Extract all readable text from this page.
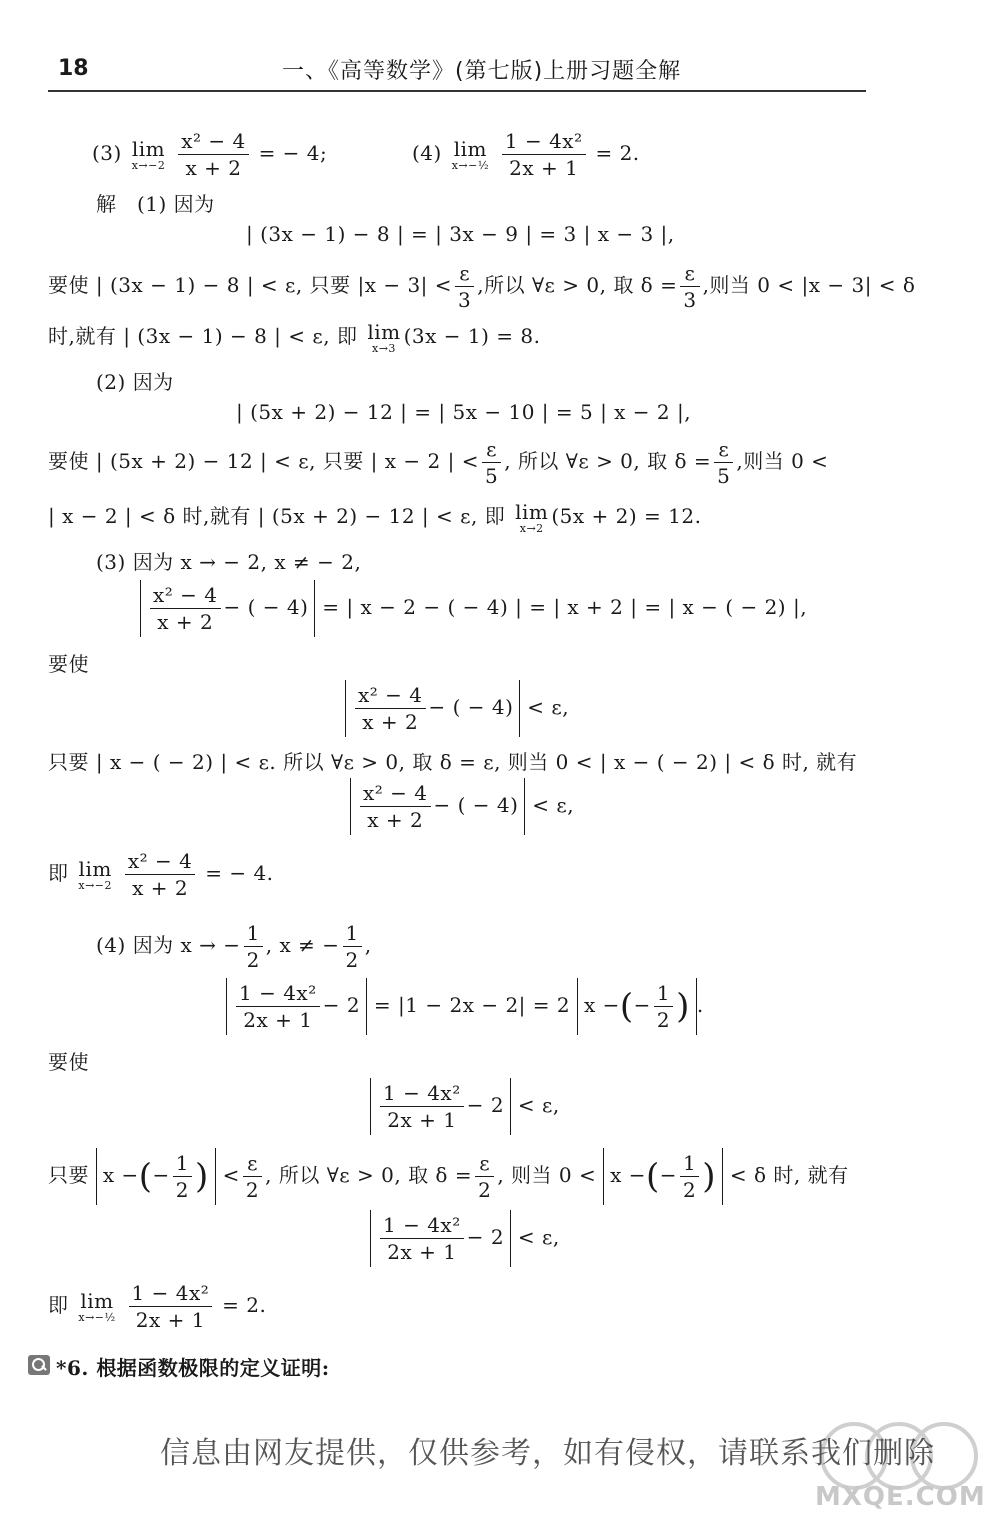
18	一、《高等数学》(第七版)上册习题全解
(3) lim
x→−2
$\frac{\text{x² − 4}}{x + 2}$ = − 4;	(4) lim
x→−½
$\frac{\text{1 − 4x²}}{2x + 1} = 2$.
解　(1) 因为
| (3x − 1) − 8 | = | 3x − 9 | = 3 | x − 3 |,
要使 | (3x − 1) − 8 | < ε, 只要 $|x - 3| < \frac{\varepsilon}{3}$ ,所以 ∀ε > 0, 取 $\delta = \frac{\varepsilon}{3}$ ,则当 0 < |x − 3| < δ
时,就有 | (3x − 1) − 8 | < ε, 即 lim
x→3 (3x − 1) = 8.
(2) 因为
| (5x + 2) − 12 | = | 5x − 10 | = 5 | x − 2 |,
要使 | (5x + 2) − 12 | < ε, 只要 | x − 2 | < $\frac{\varepsilon}{5}$ , 所以 ∀ε > 0, 取 $\delta = \frac{\varepsilon}{5}$ ,则当 0 <
| x − 2 | < δ 时,就有 | (5x + 2) − 12 | < ε, 即 lim
x→2 (5x + 2) = 12.
(3) 因为 x → − 2, x ≠ − 2,
$\frac{\text{x² − 4}}{x + 2}$ − ( − 4) = | x − 2 − ( − 4) | = | x + 2 | = | x − ( − 2) |,
要使
$\frac{\text{x² − 4}}{x + 2}$ − ( − 4) < ε,
只要 | x − ( − 2) | < ε. 所以 ∀ε > 0, 取 δ = ε, 则当 0 < | x − ( − 2) | < δ 时, 就有
$\frac{\text{x² − 4}}{x + 2}$ − ( − 4) < ε,
即 lim
x→−2
$\frac{\text{x² − 4}}{x + 2}$ = − 4.
(4) 因为 x → − $\frac{1}{2}$ , x ≠ − $\frac{1}{2}$ ,
$\frac{\text{1 − 4x²}}{2x + 1} - 2 = |1 - 2x - 2| = 2$ x −(− $\frac{1}{2}$ ) .
要使
$\frac{\text{1 − 4x²}}{2x + 1} - 2 < \varepsilon$,
只要 x −(− $\frac{1}{2}$ ) < $\frac{\varepsilon}{2}$ , 所以 ∀ε > 0, 取 $\delta = \frac{\varepsilon}{2}$ , 则当 0 < x −(− $\frac{1}{2}$ ) < δ 时, 就有
$\frac{\text{1 − 4x²}}{2x + 1} - 2 < \varepsilon$,
即 lim
x→−½
$\frac{\text{1 − 4x²}}{2x + 1} = 2$.
*6. 根据函数极限的定义证明:
信息由网友提供，仅供参考，如有侵权，请联系我们删除
MXQE.COM
